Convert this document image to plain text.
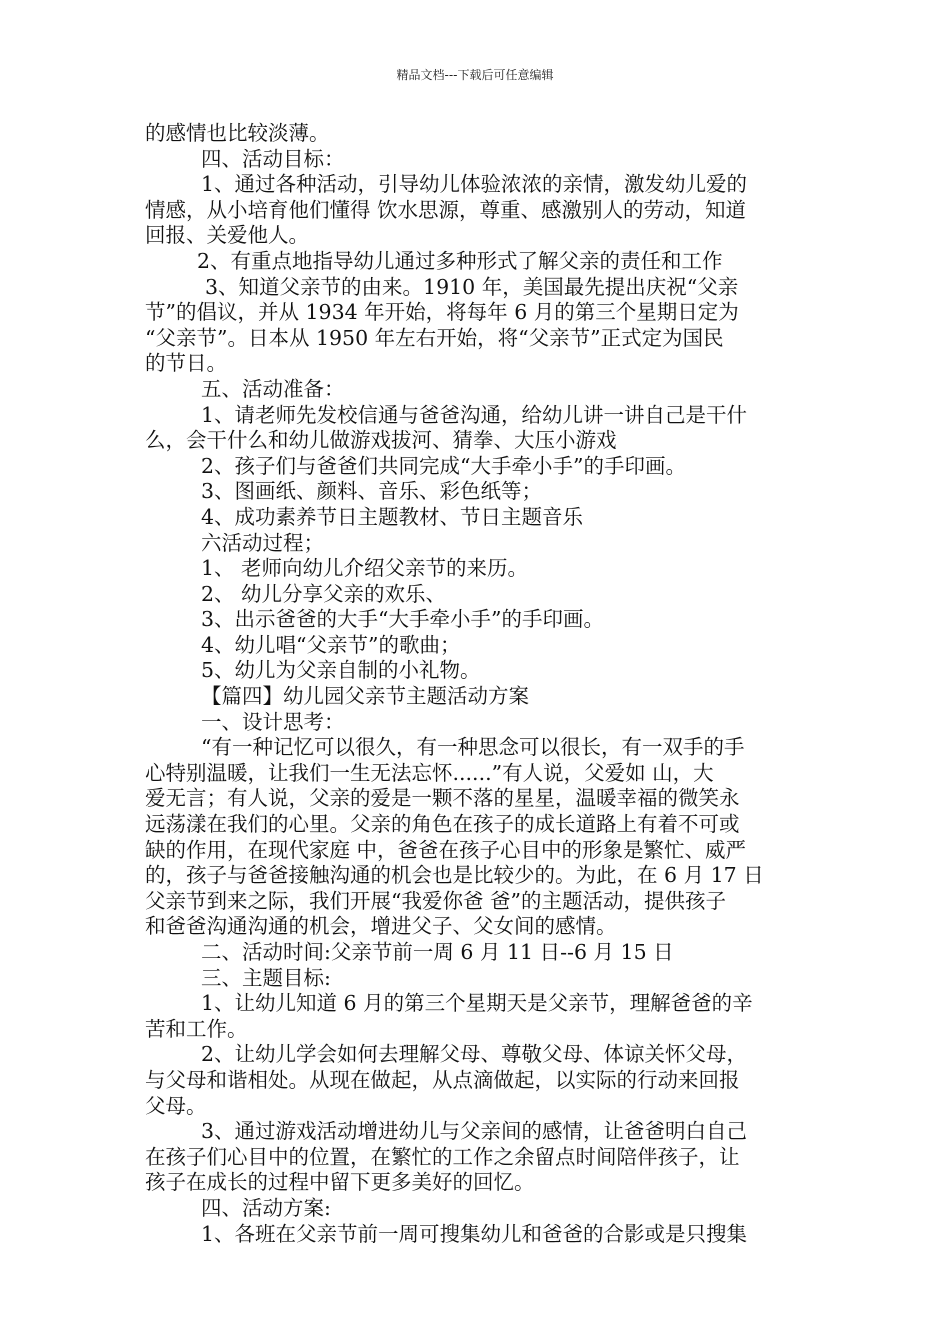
精品文档---下载后可任意编辑
的感情也比较淡薄。
四、活动目标：
1、通过各种活动，引导幼儿体验浓浓的亲情，激发幼儿爱的
情感，从小培育他们懂得 饮水思源，尊重、感激别人的劳动，知道
回报、关爱他人。
2、有重点地指导幼儿通过多种形式了解父亲的责任和工作
3、知道父亲节的由来。1910 年，美国最先提出庆祝“父亲
节”的倡议，并从 1934 年开始，将每年 6 月的第三个星期日定为
“父亲节”。日本从 1950 年左右开始，将“父亲节”正式定为国民
的节日。
五、活动准备：
1、请老师先发校信通与爸爸沟通，给幼儿讲一讲自己是干什
么，会干什么和幼儿做游戏拔河、猜拳、大压小游戏
2、孩子们与爸爸们共同完成“大手牵小手”的手印画。
3、图画纸、颜料、音乐、彩色纸等；
4、成功素养节日主题教材、节日主题音乐
六活动过程；
1、 老师向幼儿介绍父亲节的来历。
2、 幼儿分享父亲的欢乐、
3、出示爸爸的大手“大手牵小手”的手印画。
4、幼儿唱“父亲节”的歌曲；
5、幼儿为父亲自制的小礼物。
【篇四】幼儿园父亲节主题活动方案
一、设计思考：
“有一种记忆可以很久，有一种思念可以很长，有一双手的手
心特别温暖，让我们一生无法忘怀......”有人说，父爱如 山，大
爱无言；有人说，父亲的爱是一颗不落的星星，温暖幸福的微笑永
远荡漾在我们的心里。父亲的角色在孩子的成长道路上有着不可或
缺的作用，在现代家庭 中，爸爸在孩子心目中的形象是繁忙、威严
的，孩子与爸爸接触沟通的机会也是比较少的。为此，在 6 月 17 日
父亲节到来之际，我们开展“我爱你爸 爸”的主题活动，提供孩子
和爸爸沟通沟通的机会，增进父子、父女间的感情。
二、活动时间:父亲节前一周 6 月 11 日--6 月 15 日
三、主题目标:
1、让幼儿知道 6 月的第三个星期天是父亲节，理解爸爸的辛
苦和工作。
2、让幼儿学会如何去理解父母、尊敬父母、体谅关怀父母，
与父母和谐相处。从现在做起，从点滴做起，以实际的行动来回报
父母。
3、通过游戏活动增进幼儿与父亲间的感情，让爸爸明白自己
在孩子们心目中的位置，在繁忙的工作之余留点时间陪伴孩子，让
孩子在成长的过程中留下更多美好的回忆。
四、活动方案:
1、各班在父亲节前一周可搜集幼儿和爸爸的合影或是只搜集
